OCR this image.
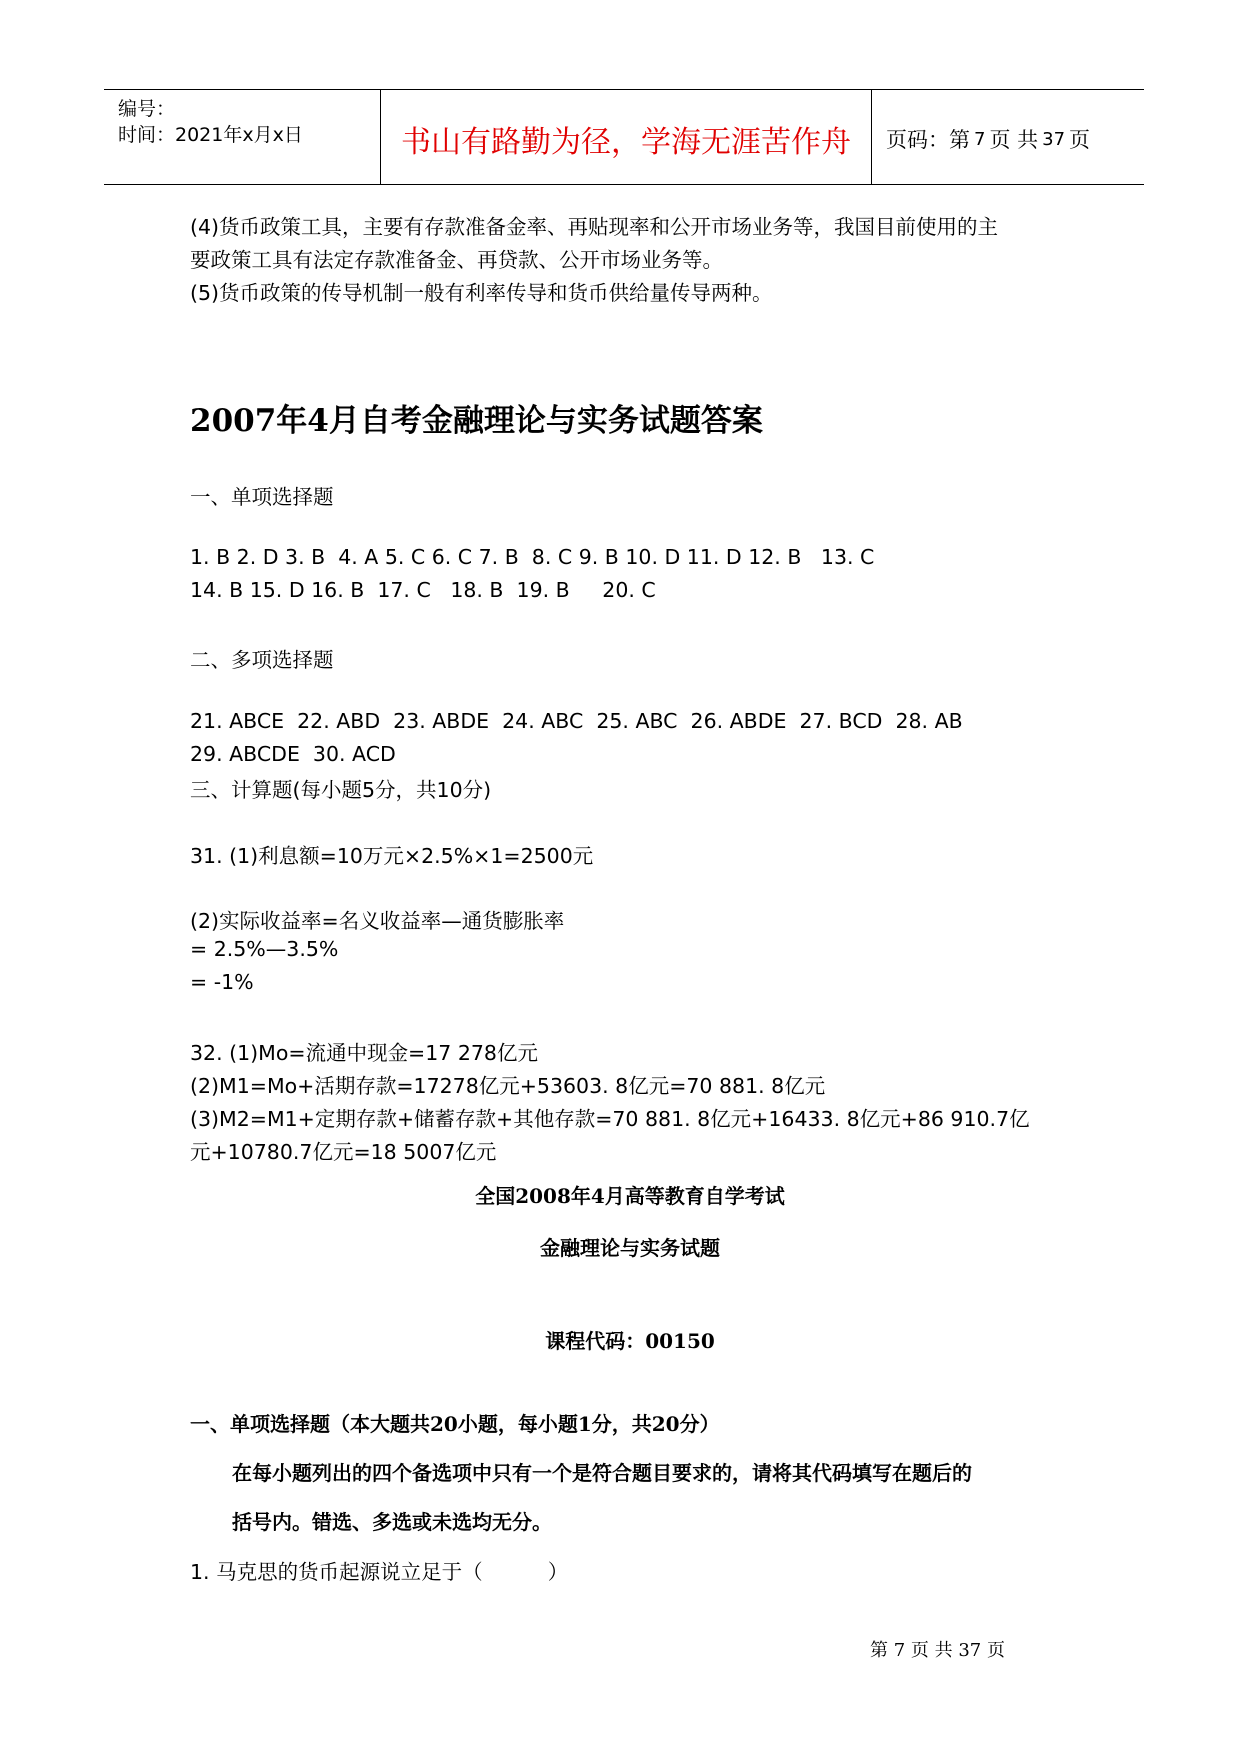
编号：
时间：2021年x月x日	书山有路勤为径，学海无涯苦作舟	页码：第 7 页 共 37 页
(4)货币政策工具，主要有存款准备金率、再贴现率和公开市场业务等，我国目前使用的主
要政策工具有法定存款准备金、再贷款、公开市场业务等。
(5)货币政策的传导机制一般有利率传导和货币供给量传导两种。
2007年4月自考金融理论与实务试题答案
一、单项选择题
1. B 2. D 3. B  4. A 5. C 6. C 7. B  8. C 9. B 10. D 11. D 12. B   13. C
14. B 15. D 16. B  17. C   18. B  19. B     20. C
二、多项选择题
21. ABCE  22. ABD  23. ABDE  24. ABC  25. ABC  26. ABDE  27. BCD  28. AB
29. ABCDE  30. ACD
三、计算题(每小题5分，共10分)
31. (1)利息额=10万元×2.5%×1=2500元
(2)实际收益率=名义收益率—通货膨胀率
= 2.5%—3.5%
= -1%
32. (1)Mo=流通中现金=17 278亿元
(2)M1=Mo+活期存款=17278亿元+53603. 8亿元=70 881. 8亿元
(3)M2=M1+定期存款+储蓄存款+其他存款=70 881. 8亿元+16433. 8亿元+86 910.7亿
元+10780.7亿元=18 5007亿元
全国2008年4月高等教育自学考试
金融理论与实务试题
课程代码：00150
一、单项选择题（本大题共20小题，每小题1分，共20分）
在每小题列出的四个备选项中只有一个是符合题目要求的，请将其代码填写在题后的
括号内。错选、多选或未选均无分。
1. 马克思的货币起源说立足于（          ）
第 7 页 共 37 页
